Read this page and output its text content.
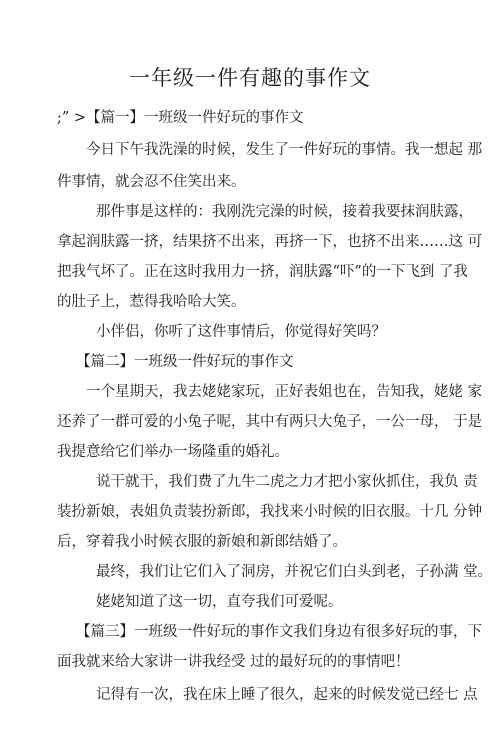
一年级一件有趣的事作文
;” >【篇一】一班级一件好玩的事作文
今日下午我洗澡的时候，发生了一件好玩的事情。我一想起 那
件事情，就会忍不住笑出来。
那件事是这样的：我刚洗完澡的时候，接着我要抹润肤露，
拿起润肤露一挤，结果挤不出来，再挤一下，也挤不出来……这 可
把我气坏了。正在这时我用力一挤，润肤露“吓”的一下飞到 了我
的肚子上，惹得我哈哈大笑。
小伴侣，你听了这件事情后，你觉得好笑吗？
【篇二】一班级一件好玩的事作文
一个星期天，我去姥姥家玩，正好表姐也在，告知我，姥姥 家
还养了一群可爱的小兔子呢，其中有两只大兔子，一公一母， 于是
我提意给它们举办一场隆重的婚礼。
说干就干，我们费了九牛二虎之力才把小家伙抓住，我负 责
装扮新娘，表姐负责装扮新郎，我找来小时候的旧衣服。十几 分钟
后，穿着我小时候衣服的新娘和新郎结婚了。
最终，我们让它们入了洞房，并祝它们白头到老，子孙满 堂。
姥姥知道了这一切，直夸我们可爱呢。
【篇三】一班级一件好玩的事作文我们身边有很多好玩的事，下
面我就来给大家讲一讲我经受 过的最好玩的的事情吧！
记得有一次，我在床上睡了很久，起来的时候发觉已经七 点
